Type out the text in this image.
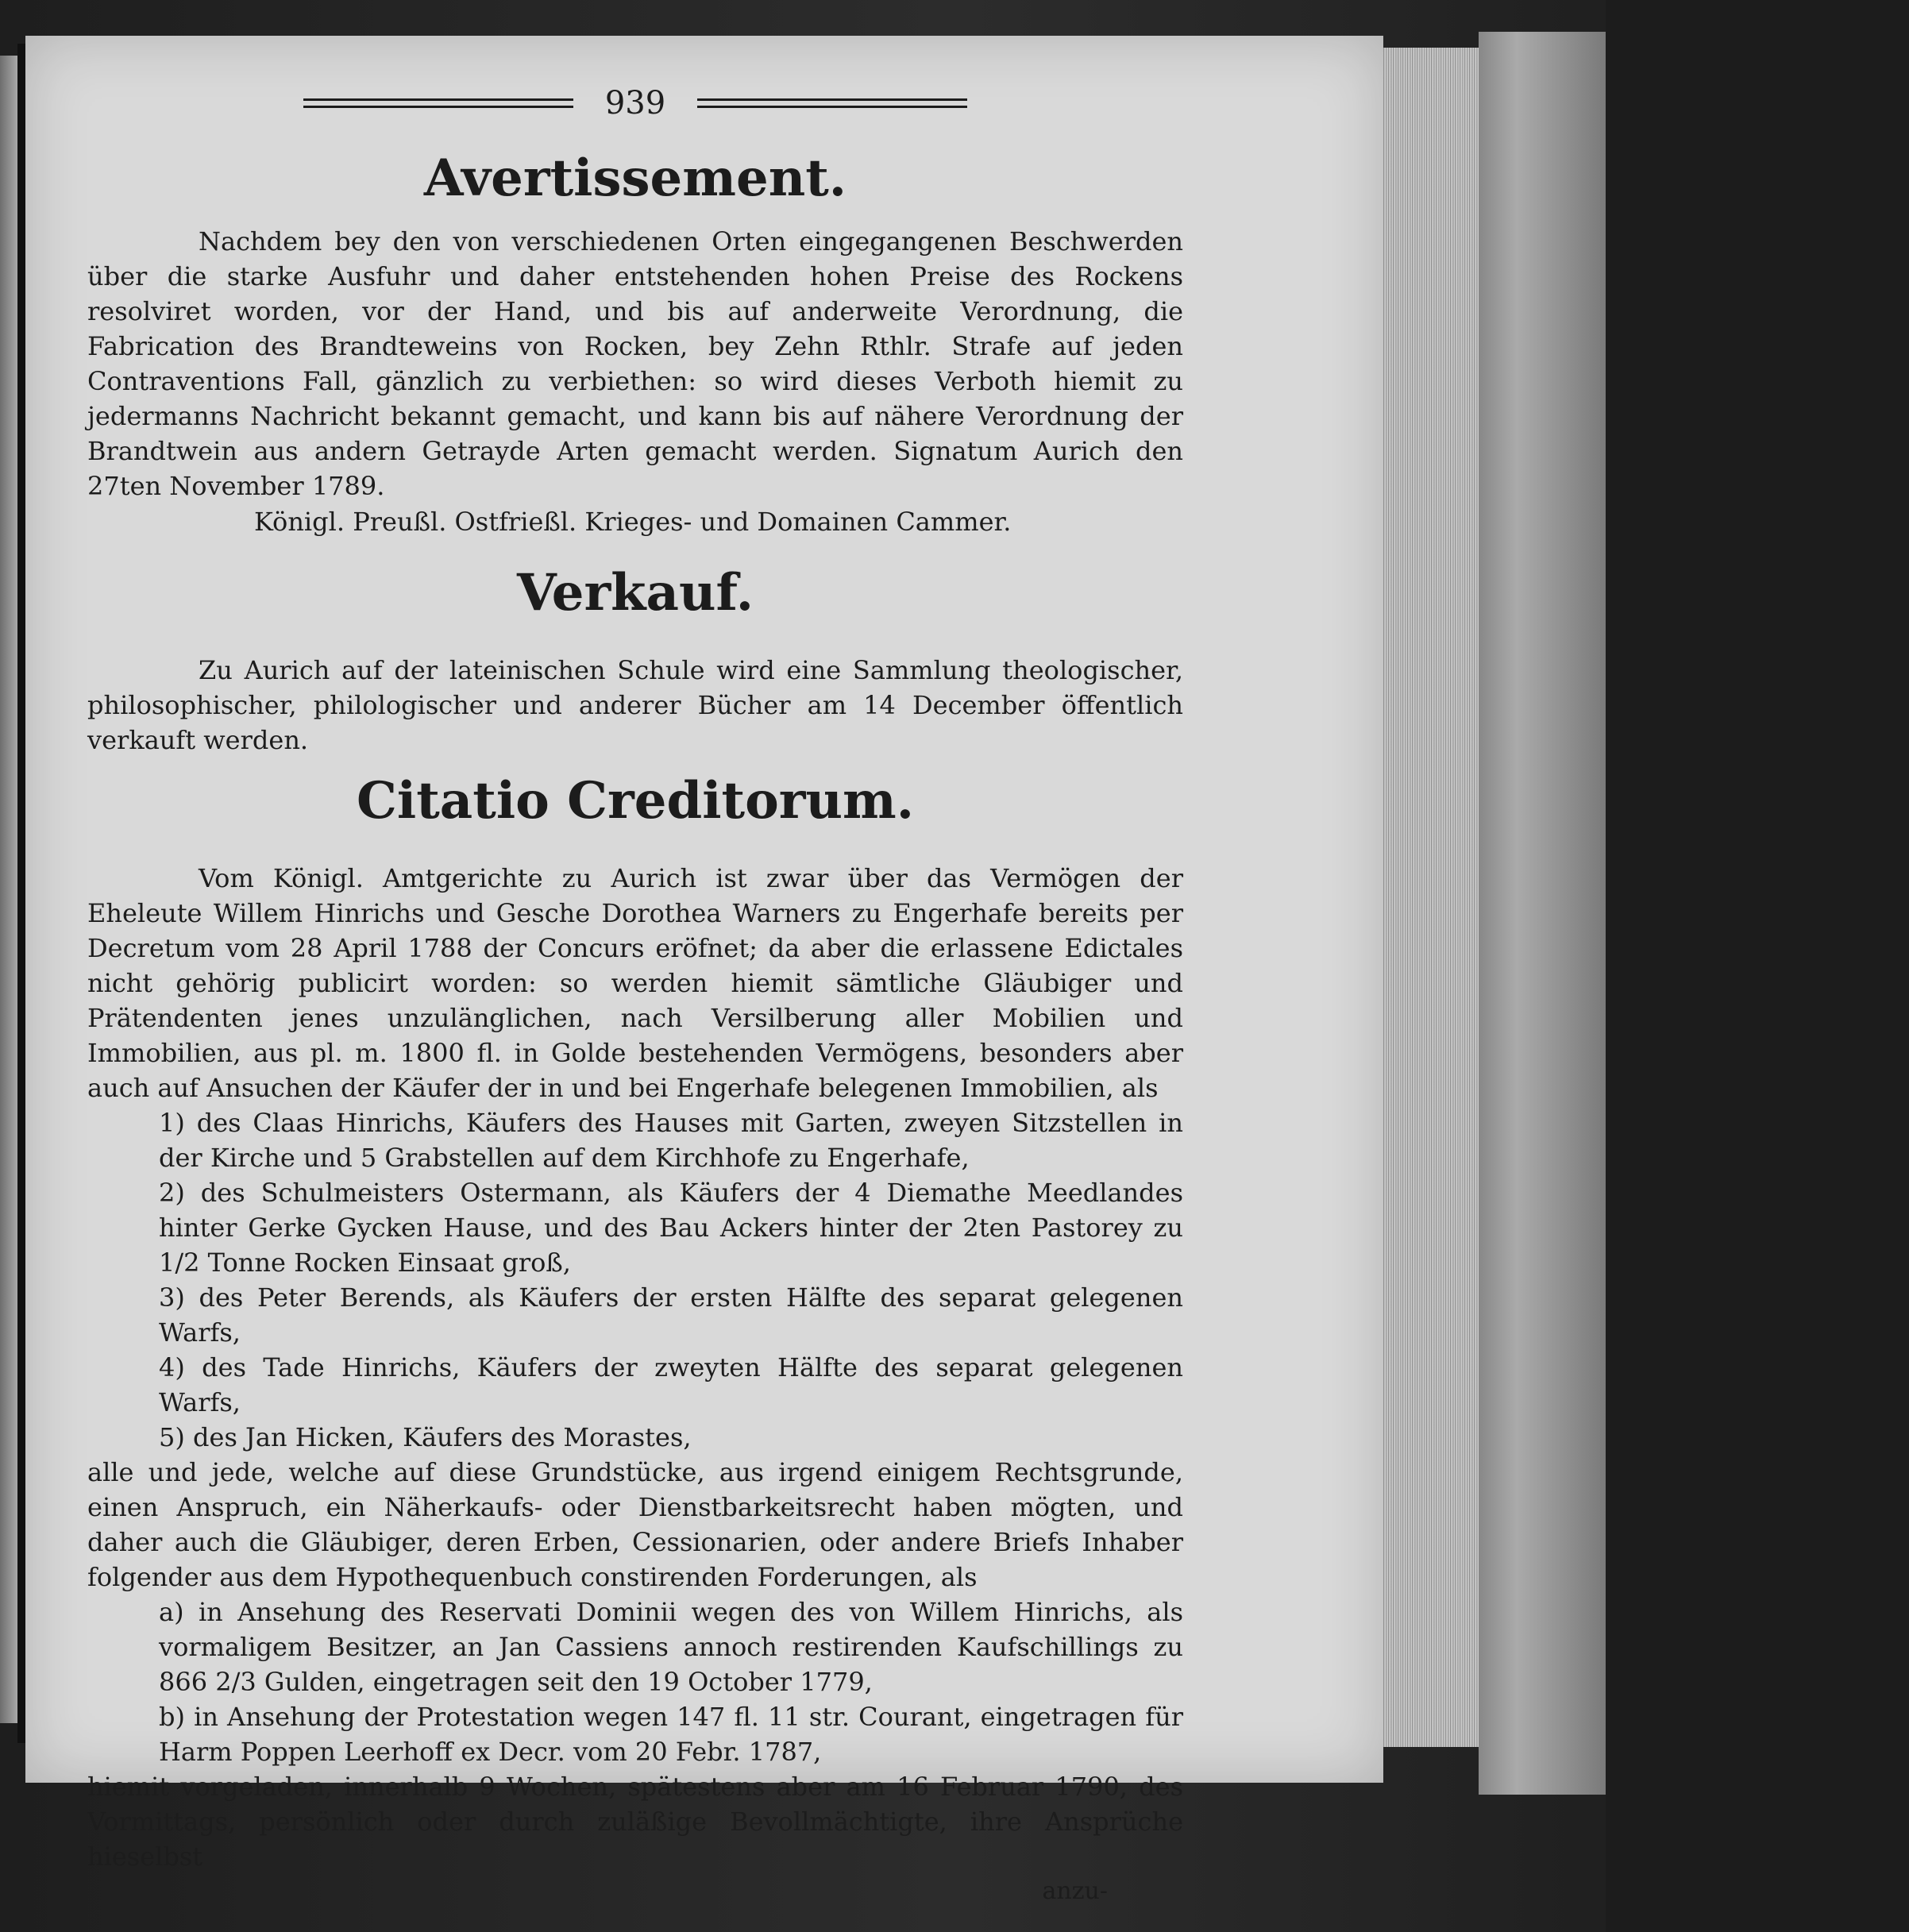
939
Avertissement.

Nachdem bey den von verschiedenen Orten eingegangenen Beschwerden über die starke Ausfuhr und daher entstehenden hohen Preise des Rockens resolviret worden, vor der Hand, und bis auf anderweite Verordnung, die Fabrication des Brandteweins von Rocken, bey Zehn Rthlr. Strafe auf jeden Contraventions Fall, gänzlich zu verbiethen: so wird dieses Verboth hiemit zu jedermanns Nachricht bekannt gemacht, und kann bis auf nähere Verordnung der Brandtwein aus andern Getrayde Arten gemacht werden. Signatum Aurich den 27ten November 1789.

Königl. Preußl. Ostfrießl. Krieges- und Domainen Cammer.
Verkauf.

Zu Aurich auf der lateinischen Schule wird eine Sammlung theologischer, philosophischer, philologischer und anderer Bücher am 14 December öffentlich verkauft werden.

Citatio Creditorum.

Vom Königl. Amtgerichte zu Aurich ist zwar über das Vermögen der Eheleute Willem Hinrichs und Gesche Dorothea Warners zu Engerhafe bereits per Decretum vom 28 April 1788 der Concurs eröfnet; da aber die erlassene Edictales nicht gehörig publicirt worden: so werden hiemit sämtliche Gläubiger und Prätendenten jenes unzulänglichen, nach Versilberung aller Mobilien und Immobilien, aus pl. m. 1800 fl. in Golde bestehenden Vermögens, besonders aber auch auf Ansuchen der Käufer der in und bei Engerhafe belegenen Immobilien, als

1) des Claas Hinrichs, Käufers des Hauses mit Garten, zweyen Sitzstellen in der Kirche und 5 Grabstellen auf dem Kirchhofe zu Engerhafe,

2) des Schulmeisters Ostermann, als Käufers der 4 Diemathe Meedlandes hinter Gerke Gycken Hause, und des Bau Ackers hinter der 2ten Pastorey zu 1/2 Tonne Rocken Einsaat groß,

3) des Peter Berends, als Käufers der ersten Hälfte des separat gelegenen Warfs,

4) des Tade Hinrichs, Käufers der zweyten Hälfte des separat gelegenen Warfs,

5) des Jan Hicken, Käufers des Morastes,

alle und jede, welche auf diese Grundstücke, aus irgend einigem Rechtsgrunde, einen Anspruch, ein Näherkaufs- oder Dienstbarkeitsrecht haben mögten, und daher auch die Gläubiger, deren Erben, Cessionarien, oder andere Briefs Inhaber folgender aus dem Hypothequenbuch constirenden Forderungen, als

a) in Ansehung des Reservati Dominii wegen des von Willem Hinrichs, als vormaligem Besitzer, an Jan Cassiens annoch restirenden Kaufschillings zu 866 2/3 Gulden, eingetragen seit den 19 October 1779,

b) in Ansehung der Protestation wegen 147 fl. 11 str. Courant, eingetragen für Harm Poppen Leerhoff ex Decr. vom 20 Febr. 1787,

hiemit vorgeladen, innerhalb 9 Wochen, spätestens aber am 16 Februar 1790, des Vormittags, persönlich oder durch zuläßige Bevollmächtigte, ihre Ansprüche hieselbst

anzu-
